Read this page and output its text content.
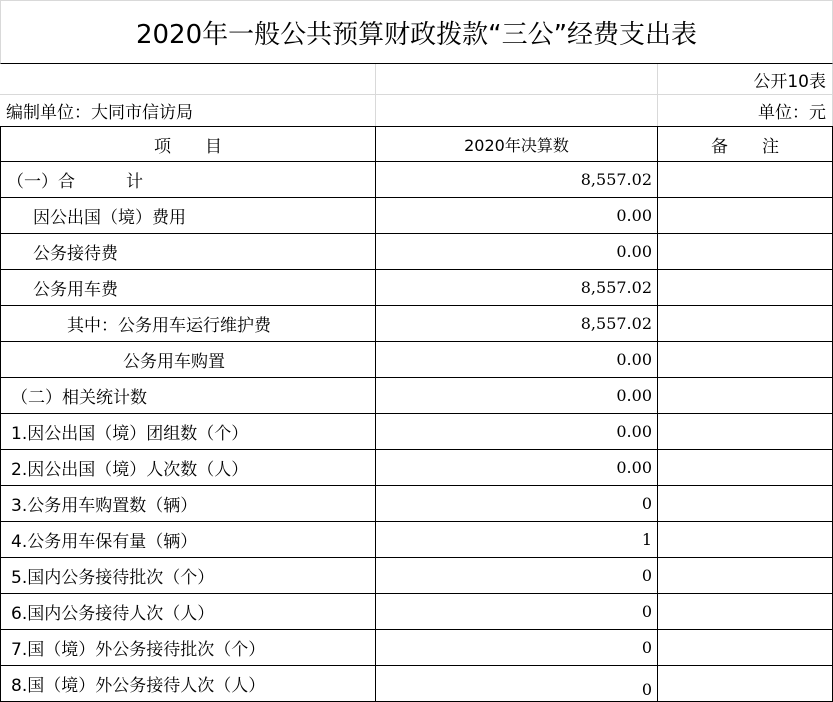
2020年一般公共预算财政拨款“三公”经费支出表
公开10表
编制单位：大同市信访局	单位：元
项　　目	2020年决算数	备　　注
（一）合　　　计	8,557.02
因公出国（境）费用	0.00
公务接待费	0.00
公务用车费	8,557.02
其中：公务用车运行维护费	8,557.02
公务用车购置	0.00
（二）相关统计数	0.00
1.因公出国（境）团组数（个）	0.00
2.因公出国（境）人次数（人）	0.00
3.公务用车购置数（辆）	0
4.公务用车保有量（辆）	1
5.国内公务接待批次（个）	0
6.国内公务接待人次（人）	0
7.国（境）外公务接待批次（个）	0
8.国（境）外公务接待人次（人）	0
